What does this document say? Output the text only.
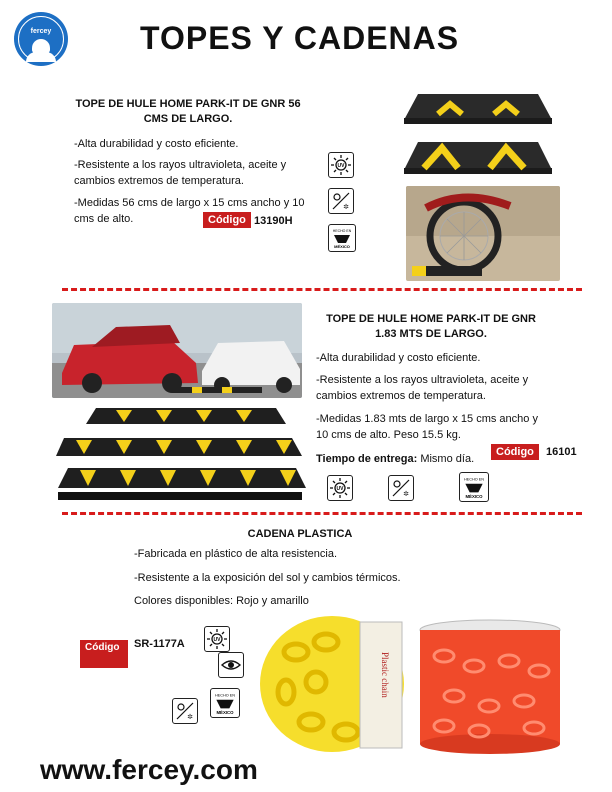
fercey	TOPES Y CADENAS
TOPE DE HULE HOME PARK-IT DE GNR 56 CMS DE LARGO.
-Alta durabilidad y costo eficiente.
-Resistente a los rayos ultravioleta, aceite y cambios extremos de temperatura.
-Medidas 56 cms de largo x 15 cms ancho y 10 cms de alto.	Código 13190H
UV
✲
HECHO EN
MÉXICO
TOPE DE HULE HOME PARK-IT DE GNR 1.83 MTS DE LARGO.
-Alta durabilidad y costo eficiente.
-Resistente a los rayos ultravioleta, aceite y cambios extremos de temperatura.
-Medidas 1.83 mts de largo x 15 cms ancho y 10 cms de alto. Peso 15.5 kg.
Tiempo de entrega: Mismo día.
Código	16101
UV
✲
HECHO EN
MÉXICO
CADENA PLASTICA
-Fabricada en plástico de alta resistencia.
-Resistente a la exposición del sol y cambios térmicos.
Colores disponibles: Rojo y amarillo
Código	SR-1177A	UV
✲
HECHO EN
MÉXICO
Plastic chain
www.fercey.com
